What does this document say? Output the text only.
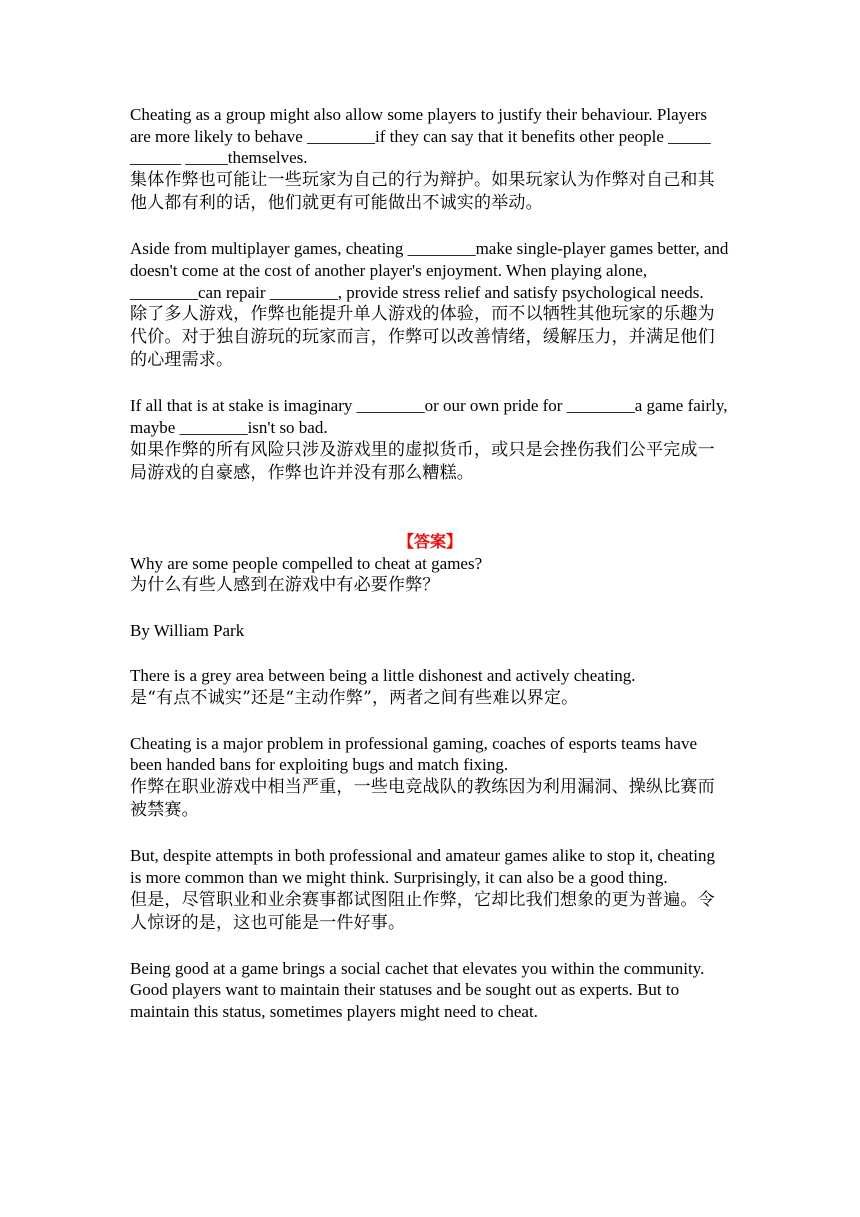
Cheating as a group might also allow some players to justify their behaviour. Players are more likely to behave ________if they can say that it benefits other people _____ ______ _____themselves.
集体作弊也可能让一些玩家为自己的行为辩护。如果玩家认为作弊对自己和其他人都有利的话，他们就更有可能做出不诚实的举动。
Aside from multiplayer games, cheating ________make single-player games better, and doesn't come at the cost of another player's enjoyment. When playing alone, ________can repair ________, provide stress relief and satisfy psychological needs.
除了多人游戏，作弊也能提升单人游戏的体验，而不以牺牲其他玩家的乐趣为代价。对于独自游玩的玩家而言，作弊可以改善情绪，缓解压力，并满足他们的心理需求。
If all that is at stake is imaginary ________or our own pride for ________a game fairly, maybe ________isn't so bad.
如果作弊的所有风险只涉及游戏里的虚拟货币，或只是会挫伤我们公平完成一局游戏的自豪感，作弊也许并没有那么糟糕。

【答案】

Why are some people compelled to cheat at games?
为什么有些人感到在游戏中有必要作弊？
By William Park
There is a grey area between being a little dishonest and actively cheating.
是“有点不诚实”还是“主动作弊”，两者之间有些难以界定。
Cheating is a major problem in professional gaming, coaches of esports teams have been handed bans for exploiting bugs and match fixing.
作弊在职业游戏中相当严重，一些电竞战队的教练因为利用漏洞、操纵比赛而被禁赛。
But, despite attempts in both professional and amateur games alike to stop it, cheating is more common than we might think. Surprisingly, it can also be a good thing.
但是，尽管职业和业余赛事都试图阻止作弊，它却比我们想象的更为普遍。令人惊讶的是，这也可能是一件好事。
Being good at a game brings a social cachet that elevates you within the community. Good players want to maintain their statuses and be sought out as experts. But to maintain this status, sometimes players might need to cheat.
